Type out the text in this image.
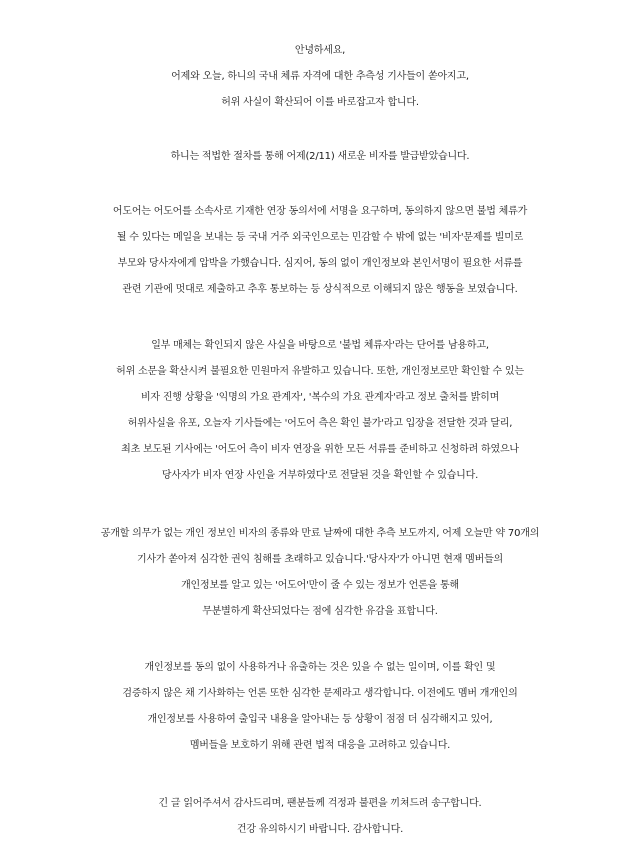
안녕하세요,
어제와 오늘, 하니의 국내 체류 자격에 대한 추측성 기사들이 쏟아지고,
허위 사실이 확산되어 이를 바로잡고자 합니다.
하니는 적법한 절차를 통해 어제(2/11) 새로운 비자를 발급받았습니다.
어도어는 어도어를 소속사로 기재한 연장 동의서에 서명을 요구하며, 동의하지 않으면 불법 체류가
될 수 있다는 메일을 보내는 등 국내 거주 외국인으로는 민감할 수 밖에 없는 '비자'문제를 빌미로
부모와 당사자에게 압박을 가했습니다. 심지어, 동의 없이 개인정보와 본인서명이 필요한 서류를
관련 기관에 멋대로 제출하고 추후 통보하는 등 상식적으로 이해되지 않은 행동을 보였습니다.
일부 매체는 확인되지 않은 사실을 바탕으로 '불법 체류자'라는 단어를 남용하고,
허위 소문을 확산시켜 불필요한 민원마저 유발하고 있습니다. 또한, 개인정보로만 확인할 수 있는
비자 진행 상황을 '익명의 가요 관계자', '복수의 가요 관계자'라고 정보 출처를 밝히며
허위사실을 유포, 오늘자 기사들에는 '어도어 측은 확인 불가'라고 입장을 전달한 것과 달리,
최초 보도된 기사에는 '어도어 측이 비자 연장을 위한 모든 서류를 준비하고 신청하려 하였으나
당사자가 비자 연장 사인을 거부하였다'로 전달된 것을 확인할 수 있습니다.
공개할 의무가 없는 개인 정보인 비자의 종류와 만료 날짜에 대한 추측 보도까지, 어제 오늘만 약 70개의
기사가 쏟아져 심각한 권익 침해를 초래하고 있습니다.'당사자'가 아니면 현재 멤버들의
개인정보를 알고 있는 '어도어'만이 줄 수 있는 정보가 언론을 통해
무분별하게 확산되었다는 점에 심각한 유감을 표합니다.
개인정보를 동의 없이 사용하거나 유출하는 것은 있을 수 없는 일이며, 이를 확인 및
검증하지 않은 채 기사화하는 언론 또한 심각한 문제라고 생각합니다. 이전에도 멤버 개개인의
개인정보를 사용하여 출입국 내용을 알아내는 등 상황이 점점 더 심각해지고 있어,
멤버들을 보호하기 위해 관련 법적 대응을 고려하고 있습니다.
긴 글 읽어주셔서 감사드리며, 팬분들께 걱정과 불편을 끼쳐드려 송구합니다.
건강 유의하시기 바랍니다. 감사합니다.
